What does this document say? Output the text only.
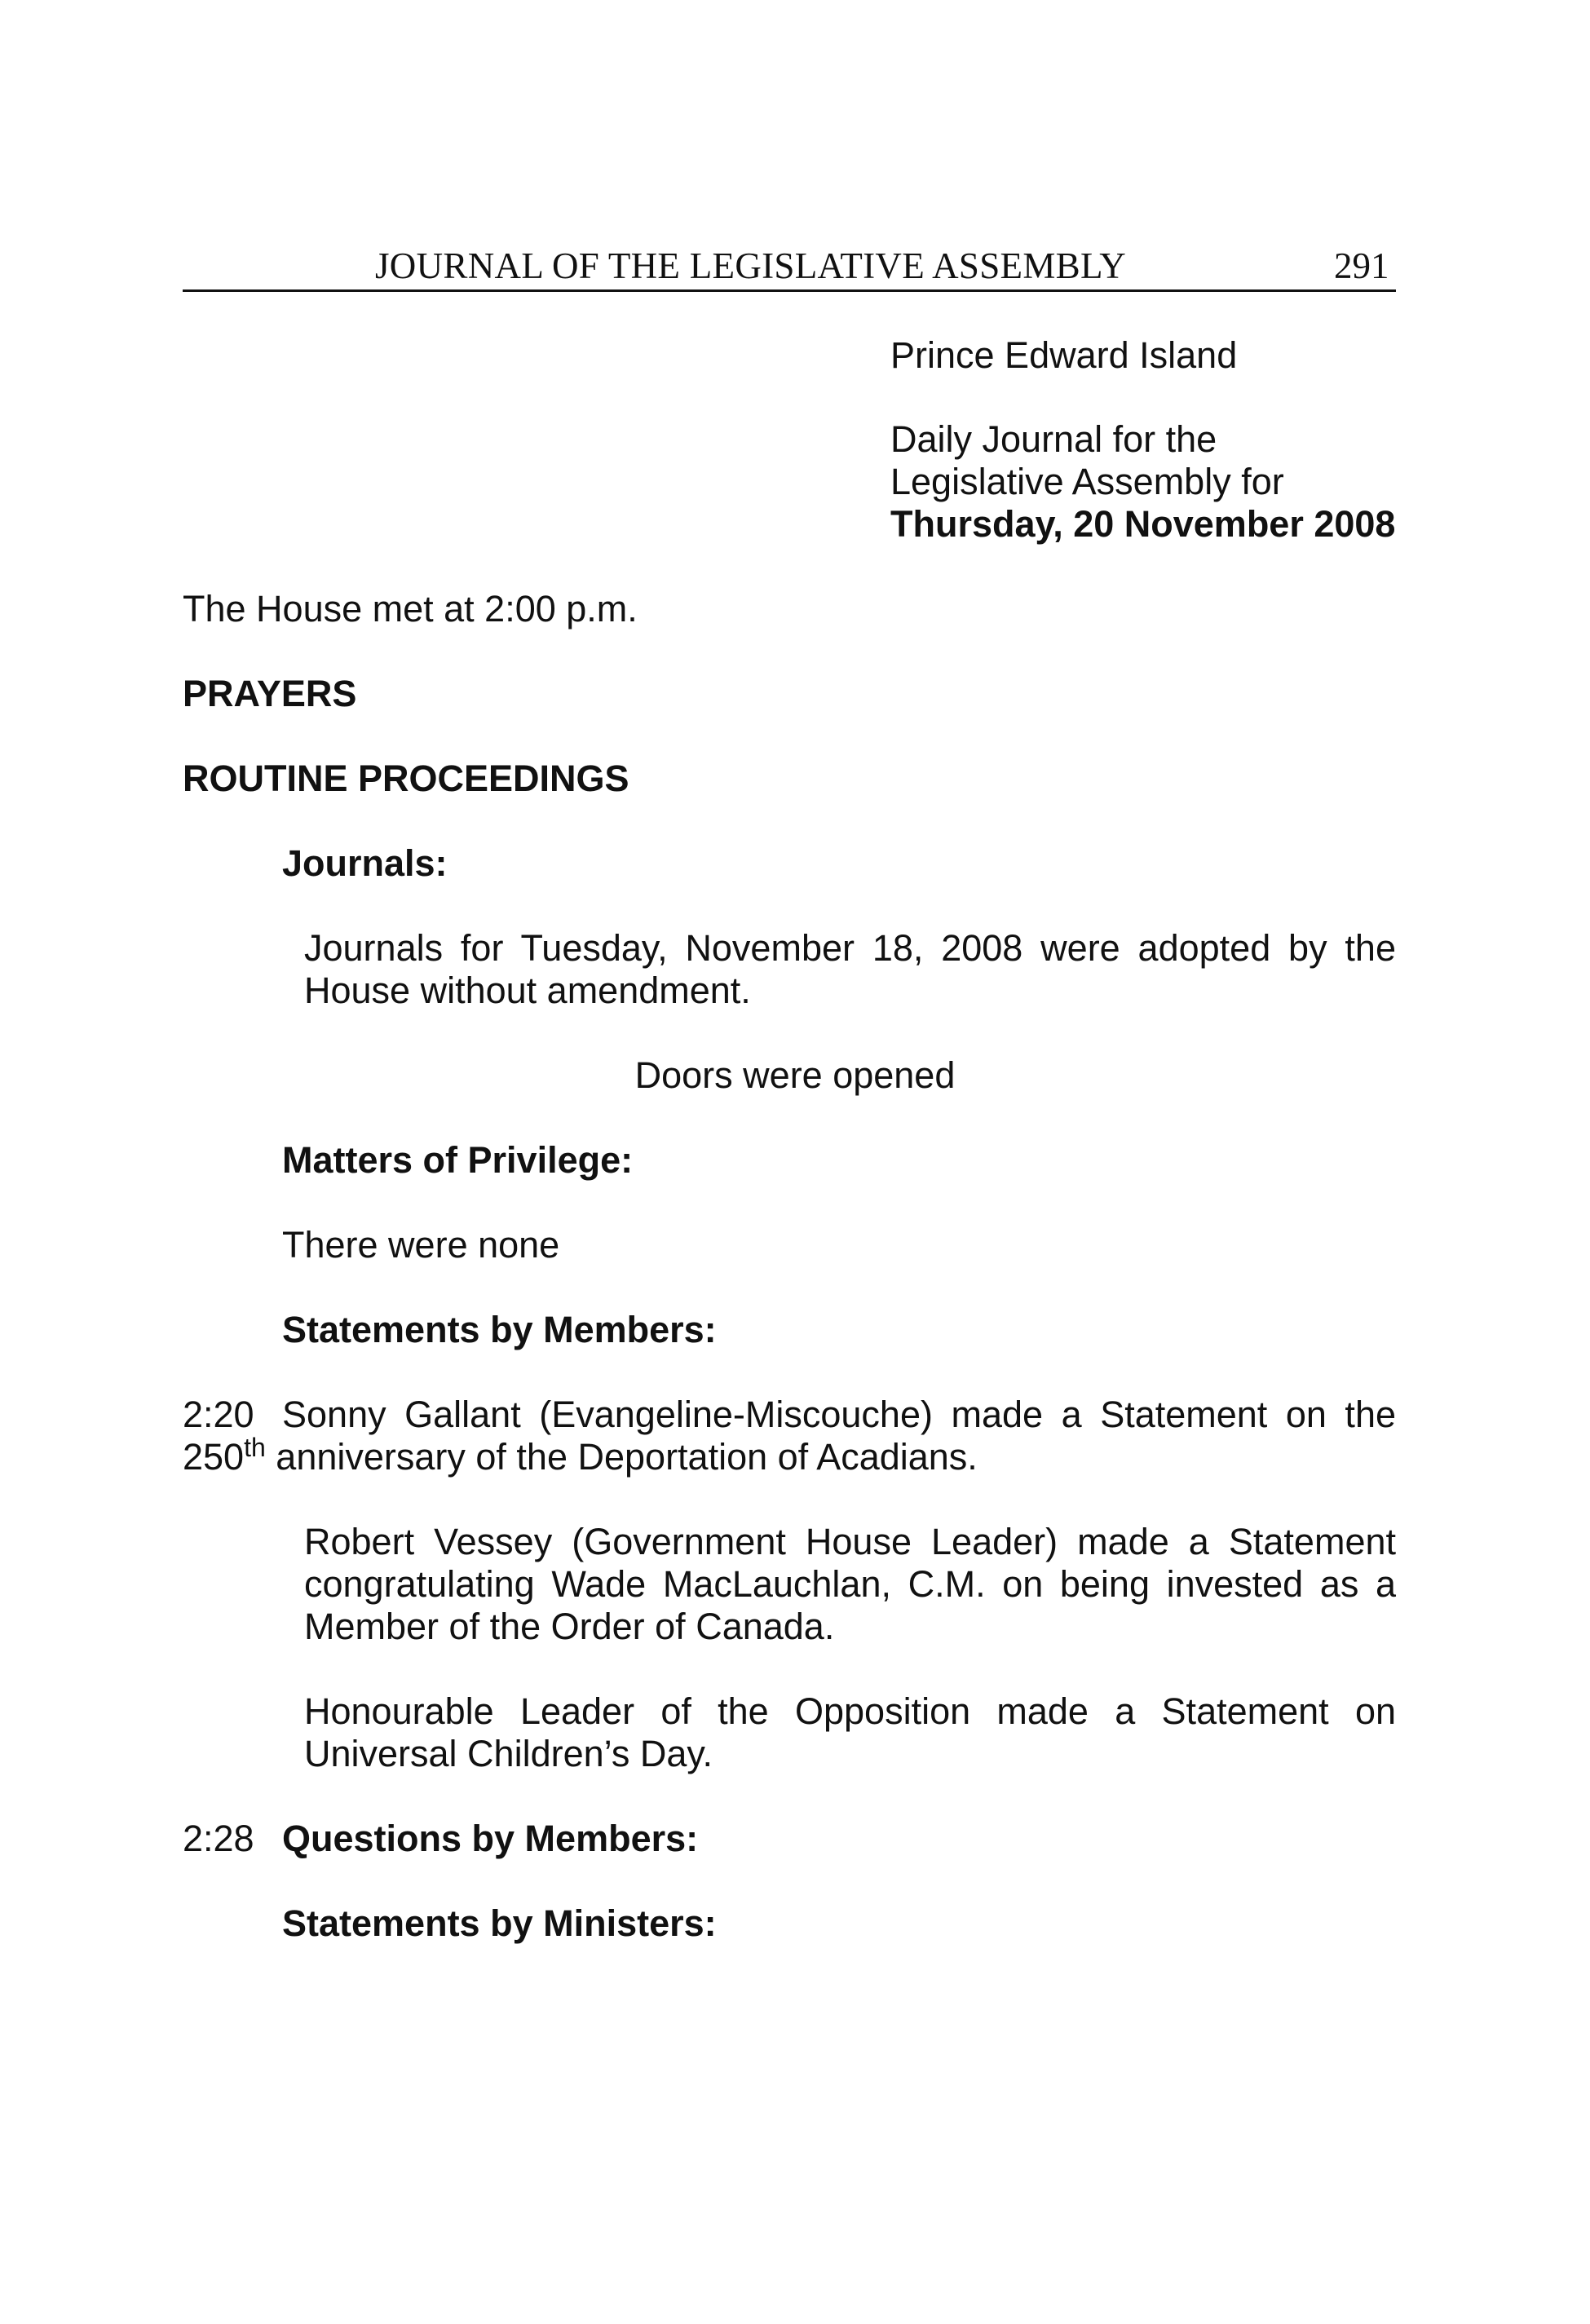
JOURNAL OF THE LEGISLATIVE ASSEMBLY	291
Prince Edward Island
Daily Journal for the
Legislative Assembly for
Thursday, 20 November 2008
The House met at 2:00 p.m.
PRAYERS
ROUTINE PROCEEDINGS
Journals:

Journals for Tuesday, November 18, 2008 were adopted by the House without amendment.

Doors were opened
Matters of Privilege:
There were none
Statements by Members:
2:20 Sonny Gallant (Evangeline-Miscouche) made a Statement on the
250th anniversary of the Deportation of Acadians.

Robert Vessey (Government House Leader) made a Statement congratulating Wade MacLauchlan, C.M. on being invested as a Member of the Order of Canada.

Honourable Leader of the Opposition made a Statement on Universal Children’s Day.

2:28 Questions by Members:
Statements by Ministers:
